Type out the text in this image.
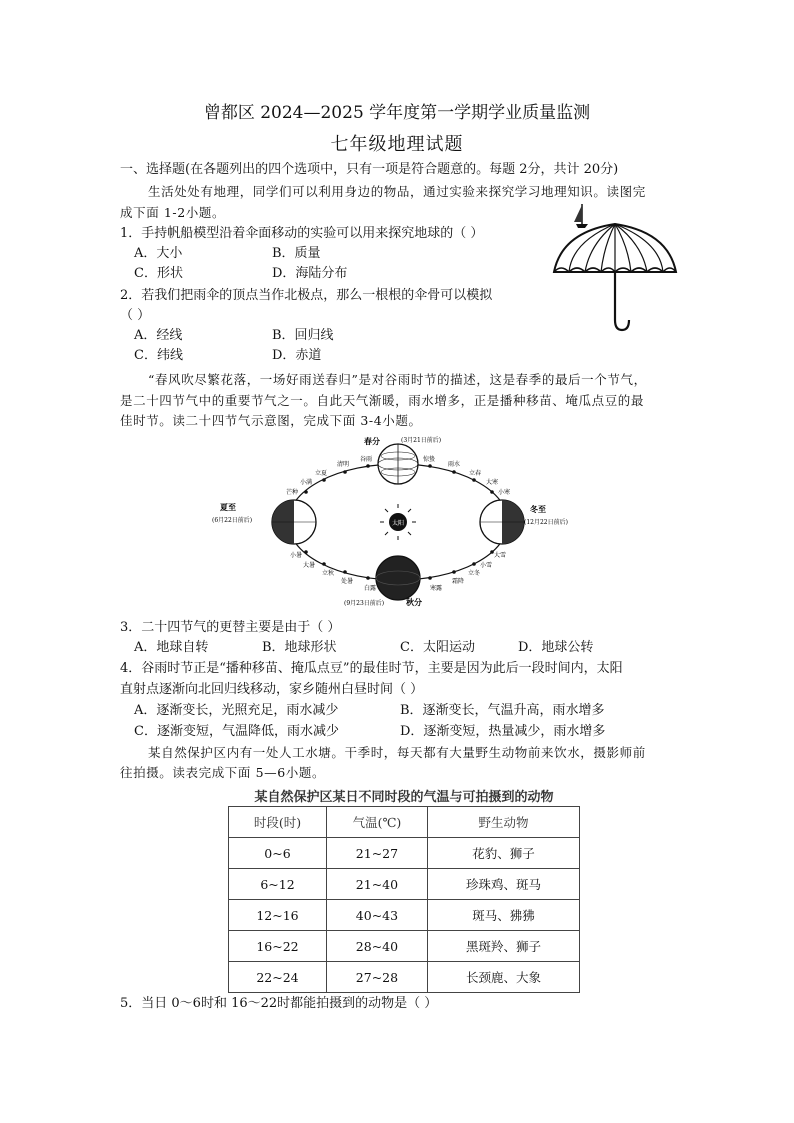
曾都区 2024—2025 学年度第一学期学业质量监测
七年级地理试题
一、选择题(在各题列出的四个选项中，只有一项是符合题意的。每题 2分，共计 20分)
生活处处有地理，同学们可以利用身边的物品，通过实验来探究学习地理知识。读图完
成下面 1-2小题。
1．手持帆船模型沿着伞面移动的实验可以用来探究地球的（ ）
A．大小	B．质量
C．形状	D．海陆分布
2．若我们把雨伞的顶点当作北极点，那么一根根的伞骨可以模拟
（ ）
A．经线	B．回归线
C．纬线	D．赤道
“春风吹尽繁花落，一场好雨送春归”是对谷雨时节的描述，这是春季的最后一个节气，
是二十四节气中的重要节气之一。自此天气渐暖，雨水增多，正是播种移苗、埯瓜点豆的最
佳时节。读二十四节气示意图，完成下面 3-4小题。
太阳
春分	(3月21日前后)
夏至
(6月22日前后)
冬至
(12月22日前后)
(9月23日前后)	秋分
谷雨
清明
立夏
小满
芒种
惊蛰
雨水
立春
大寒
小寒
小暑
大暑
立秋
处暑
白露	寒露
霜降
立冬
小雪
大雪
3．二十四节气的更替主要是由于（ ）
A．地球自转	B．地球形状	C．太阳运动	D．地球公转
4．谷雨时节正是“播种移苗、掩瓜点豆”的最佳时节，主要是因为此后一段时间内，太阳
直射点逐渐向北回归线移动，家乡随州白昼时间（ ）
A．逐渐变长，光照充足，雨水减少	B．逐渐变长，气温升高，雨水增多
C．逐渐变短，气温降低，雨水减少	D．逐渐变短，热量减少，雨水增多
某自然保护区内有一处人工水塘。干季时，每天都有大量野生动物前来饮水，摄影师前
往拍摄。读表完成下面 5—6小题。
某自然保护区某日不同时段的气温与可拍摄到的动物
时段(时)	气温(℃)	野生动物
0~6	21~27	花豹、狮子
6~12	21~40	珍珠鸡、斑马
12~16	40~43	斑马、狒狒
16~22	28~40	黑斑羚、狮子
22~24	27~28	长颈鹿、大象
5．当日 0～6时和 16～22时都能拍摄到的动物是（ ）
